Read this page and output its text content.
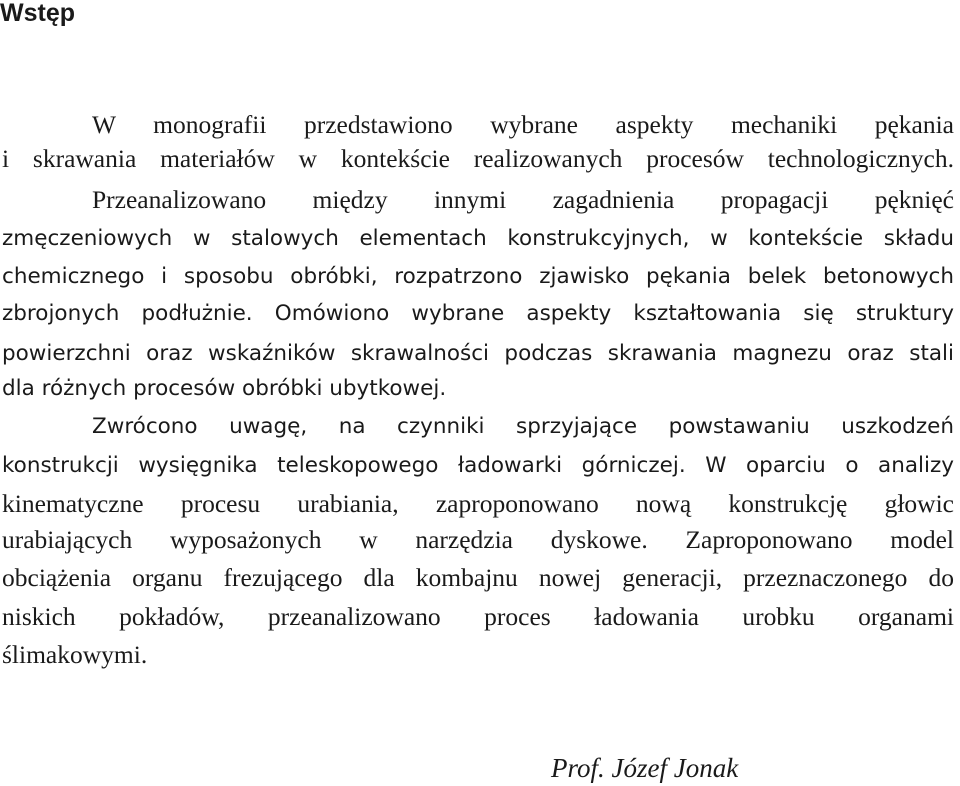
Wstęp

W monografii przedstawiono wybrane aspekty mechaniki pękania

i skrawania materiałów w kontekście realizowanych procesów technologicznych.

Przeanalizowano między innymi zagadnienia propagacji pęknięć

zmęczeniowych w stalowych elementach konstrukcyjnych, w kontekście składu

chemicznego i sposobu obróbki, rozpatrzono zjawisko pękania belek betonowych

zbrojonych podłużnie. Omówiono wybrane aspekty kształtowania się struktury

powierzchni oraz wskaźników skrawalności podczas skrawania magnezu oraz stali

dla różnych procesów obróbki ubytkowej.

Zwrócono uwagę, na czynniki sprzyjające powstawaniu uszkodzeń

konstrukcji wysięgnika teleskopowego ładowarki górniczej. W oparciu o analizy

kinematyczne procesu urabiania, zaproponowano nową konstrukcję głowic

urabiających wyposażonych w narzędzia dyskowe. Zaproponowano model

obciążenia organu frezującego dla kombajnu nowej generacji, przeznaczonego do

niskich pokładów, przeanalizowano proces ładowania urobku organami

ślimakowymi.

Prof. Józef Jonak
